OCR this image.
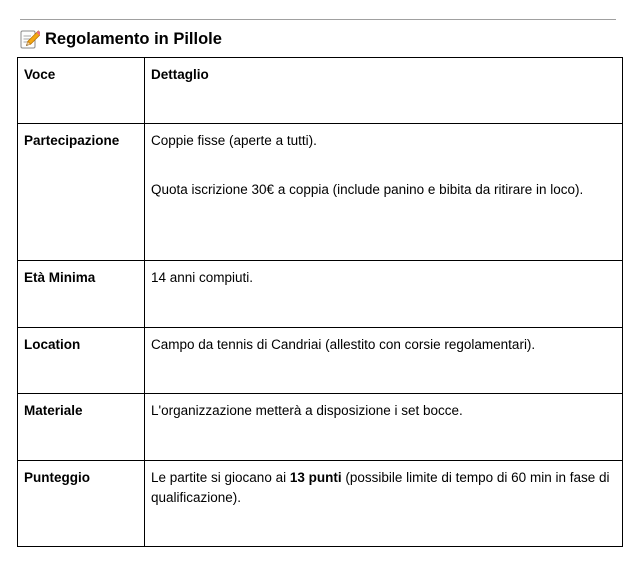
Regolamento in Pillole
Voce	Dettaglio
Partecipazione	Coppie fisse (aperte a tutti).

Quota iscrizione 30€ a coppia (include panino e bibita da ritirare in loco).

Età Minima	14 anni compiuti.
Location	Campo da tennis di Candriai (allestito con corsie regolamentari).
Materiale	L'organizzazione metterà a disposizione i set bocce.
Punteggio	Le partite si giocano ai 13 punti (possibile limite di tempo di 60 min in fase di qualificazione).
